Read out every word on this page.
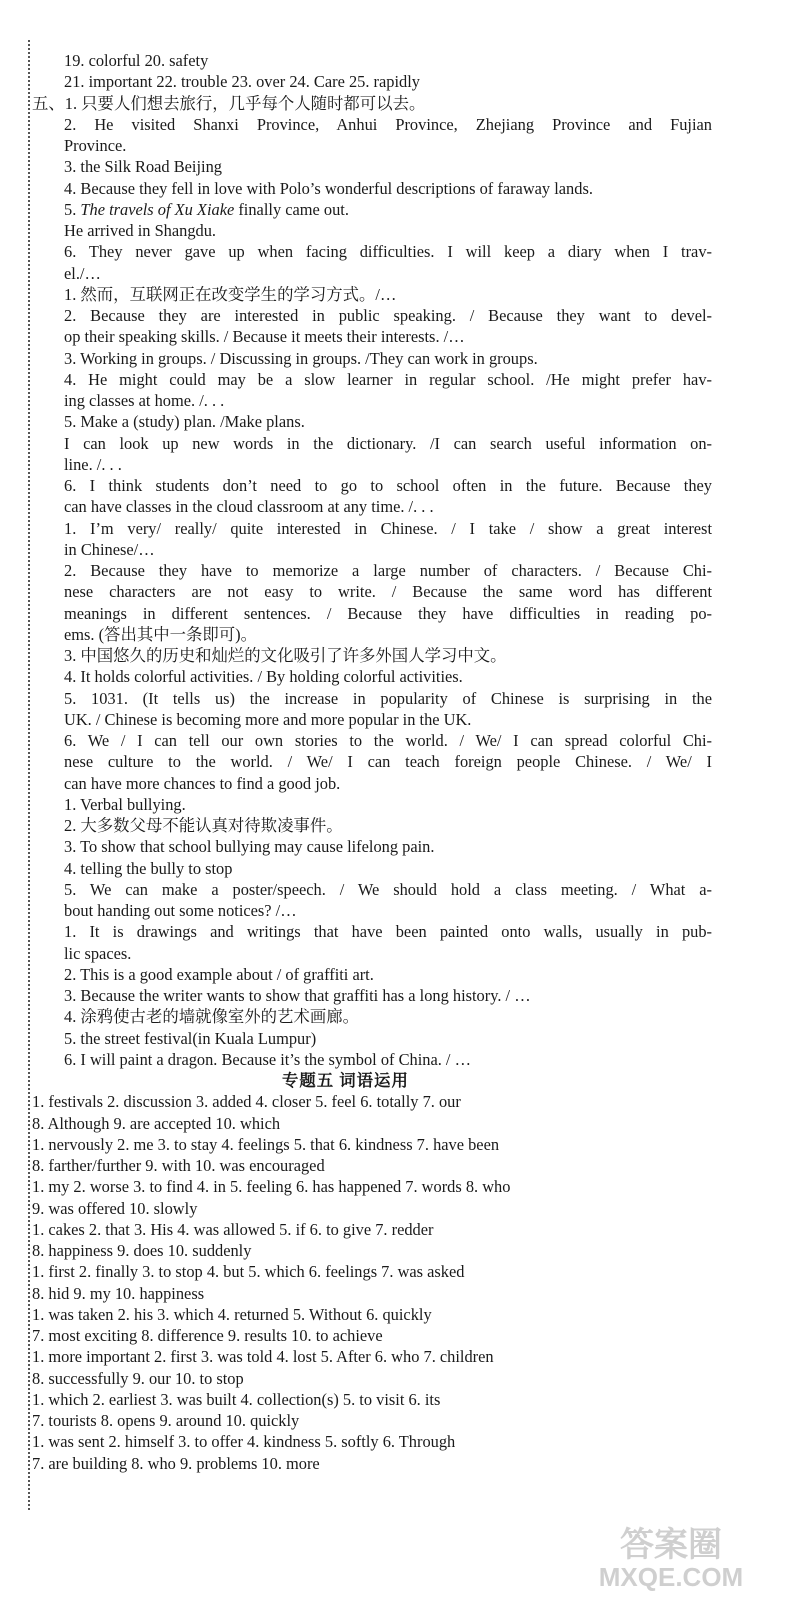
19. colorful 20. safety
21. important 22. trouble 23. over 24. Care 25. rapidly
五、1. 只要人们想去旅行，几乎每个人随时都可以去。
2. He visited Shanxi Province, Anhui Province, Zhejiang Province and Fujian
Province.
3. the Silk Road Beijing
4. Because they fell in love with Polo’s wonderful descriptions of faraway lands.
5. The travels of Xu Xiake finally came out.
He arrived in Shangdu.
6. They never gave up when facing difficulties. I will keep a diary when I trav-
el./…
1. 然而，互联网正在改变学生的学习方式。/…
2. Because they are interested in public speaking. / Because they want to devel-
op their speaking skills. / Because it meets their interests. /…
3. Working in groups. / Discussing in groups. /They can work in groups.
4. He might could may be a slow learner in regular school. /He might prefer hav-
ing classes at home. /. . .
5. Make a (study) plan. /Make plans.
I can look up new words in the dictionary. /I can search useful information on-
line. /. . .
6. I think students don’t need to go to school often in the future. Because they
can have classes in the cloud classroom at any time. /. . .
1. I’m very/ really/ quite interested in Chinese. / I take / show a great interest
in Chinese/…
2. Because they have to memorize a large number of characters. / Because Chi-
nese characters are not easy to write. / Because the same word has different
meanings in different sentences. / Because they have difficulties in reading po-
ems. (答出其中一条即可)。
3. 中国悠久的历史和灿烂的文化吸引了许多外国人学习中文。
4. It holds colorful activities. / By holding colorful activities.
5. 1031. (It tells us) the increase in popularity of Chinese is surprising in the
UK. / Chinese is becoming more and more popular in the UK.
6. We / I can tell our own stories to the world. / We/ I can spread colorful Chi-
nese culture to the world. / We/ I can teach foreign people Chinese. / We/ I
can have more chances to find a good job.
1. Verbal bullying.
2. 大多数父母不能认真对待欺凌事件。
3. To show that school bullying may cause lifelong pain.
4. telling the bully to stop
5. We can make a poster/speech. / We should hold a class meeting. / What a-
bout handing out some notices? /…
1. It is drawings and writings that have been painted onto walls, usually in pub-
lic spaces.
2. This is a good example about / of graffiti art.
3. Because the writer wants to show that graffiti has a long history. / …
4. 涂鸦使古老的墙就像室外的艺术画廊。
5. the street festival(in Kuala Lumpur)
6. I will paint a dragon. Because it’s the symbol of China. / …
专题五 词语运用
1. festivals 2. discussion 3. added 4. closer 5. feel 6. totally 7. our
8. Although 9. are accepted 10. which
1. nervously 2. me 3. to stay 4. feelings 5. that 6. kindness 7. have been
8. farther/further 9. with 10. was encouraged
1. my 2. worse 3. to find 4. in 5. feeling 6. has happened 7. words 8. who
9. was offered 10. slowly
1. cakes 2. that 3. His 4. was allowed 5. if 6. to give 7. redder
8. happiness 9. does 10. suddenly
1. first 2. finally 3. to stop 4. but 5. which 6. feelings 7. was asked
8. hid 9. my 10. happiness
1. was taken 2. his 3. which 4. returned 5. Without 6. quickly
7. most exciting 8. difference 9. results 10. to achieve
1. more important 2. first 3. was told 4. lost 5. After 6. who 7. children
8. successfully 9. our 10. to stop
1. which 2. earliest 3. was built 4. collection(s) 5. to visit 6. its
7. tourists 8. opens 9. around 10. quickly
1. was sent 2. himself 3. to offer 4. kindness 5. softly 6. Through
7. are building 8. who 9. problems 10. more
答案圈
MXQE.COM
